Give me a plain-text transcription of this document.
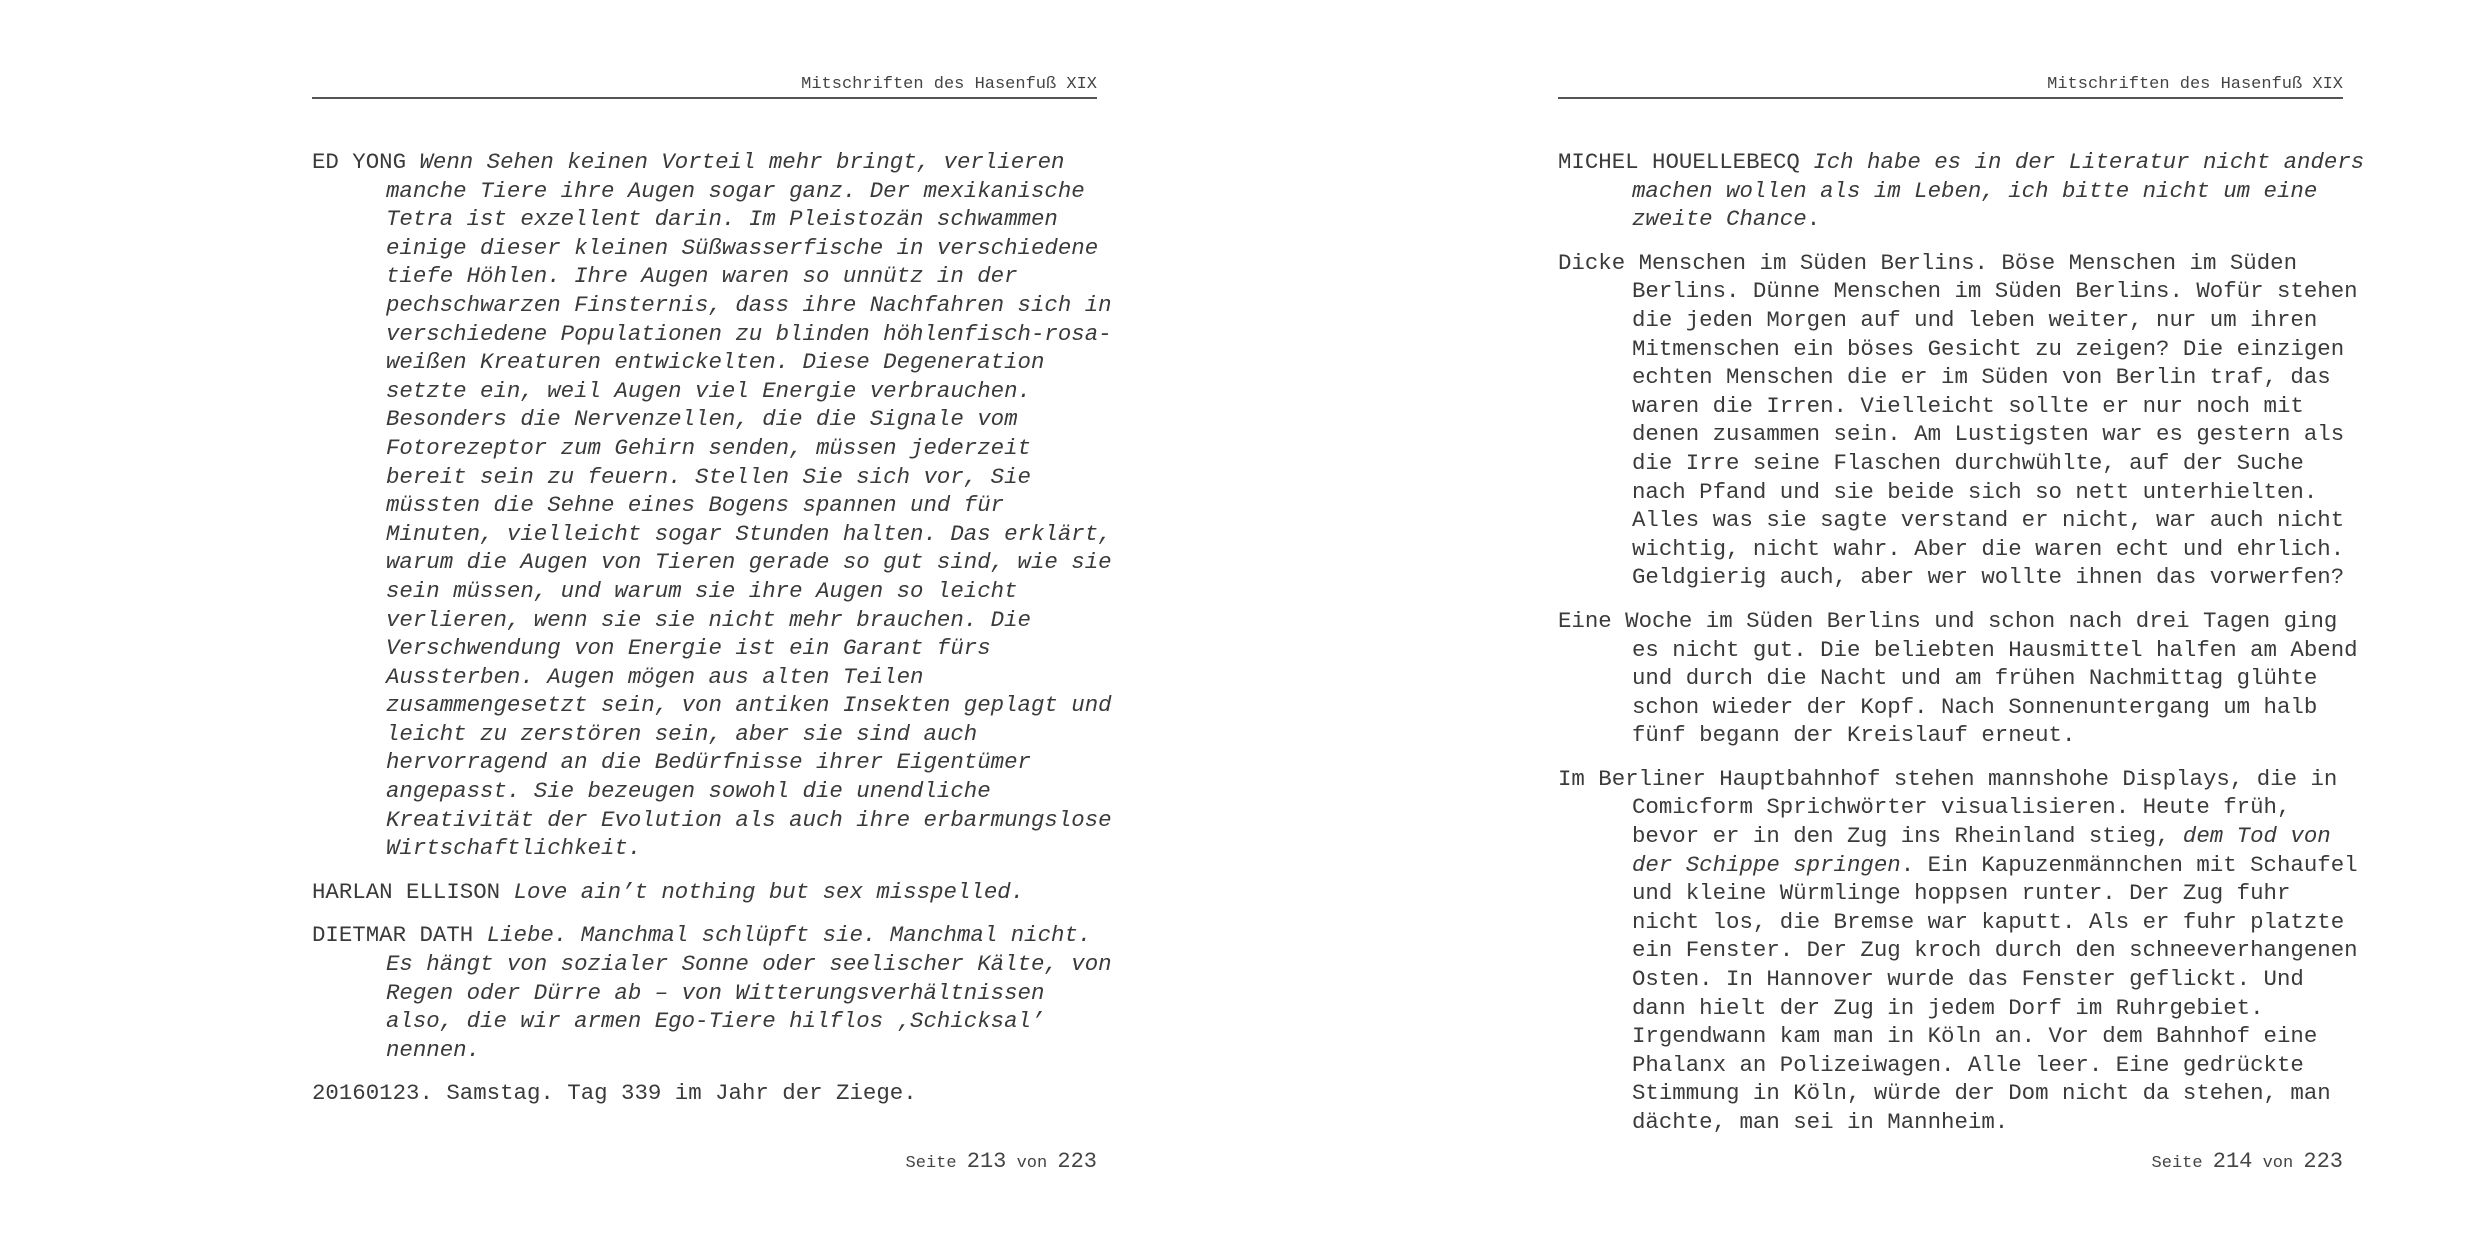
Mitschriften des Hasenfuß XIX

ED YONG Wenn Sehen keinen Vorteil mehr bringt, verlieren
manche Tiere ihre Augen sogar ganz. Der mexikanische
Tetra ist exzellent darin. Im Pleistozän schwammen
einige dieser kleinen Süßwasserfische in verschiedene
tiefe Höhlen. Ihre Augen waren so unnütz in der
pechschwarzen Finsternis, dass ihre Nachfahren sich in
verschiedene Populationen zu blinden höhlenfisch-rosa-
weißen Kreaturen entwickelten. Diese Degeneration
setzte ein, weil Augen viel Energie verbrauchen.
Besonders die Nervenzellen, die die Signale vom
Fotorezeptor zum Gehirn senden, müssen jederzeit
bereit sein zu feuern. Stellen Sie sich vor, Sie
müssten die Sehne eines Bogens spannen und für
Minuten, vielleicht sogar Stunden halten. Das erklärt,
warum die Augen von Tieren gerade so gut sind, wie sie
sein müssen, und warum sie ihre Augen so leicht
verlieren, wenn sie sie nicht mehr brauchen. Die
Verschwendung von Energie ist ein Garant fürs
Aussterben. Augen mögen aus alten Teilen
zusammengesetzt sein, von antiken Insekten geplagt und
leicht zu zerstören sein, aber sie sind auch
hervorragend an die Bedürfnisse ihrer Eigentümer
angepasst. Sie bezeugen sowohl die unendliche
Kreativität der Evolution als auch ihre erbarmungslose
Wirtschaftlichkeit.

HARLAN ELLISON Love ain’t nothing but sex misspelled.

DIETMAR DATH Liebe. Manchmal schlüpft sie. Manchmal nicht.
Es hängt von sozialer Sonne oder seelischer Kälte, von
Regen oder Dürre ab – von Witterungsverhältnissen
also, die wir armen Ego-Tiere hilflos ‚Schicksal’
nennen.

20160123. Samstag. Tag 339 im Jahr der Ziege.

Seite 213 von 223
Mitschriften des Hasenfuß XIX

MICHEL HOUELLEBECQ Ich habe es in der Literatur nicht anders
machen wollen als im Leben, ich bitte nicht um eine
zweite Chance.

Dicke Menschen im Süden Berlins. Böse Menschen im Süden
Berlins. Dünne Menschen im Süden Berlins. Wofür stehen
die jeden Morgen auf und leben weiter, nur um ihren
Mitmenschen ein böses Gesicht zu zeigen? Die einzigen
echten Menschen die er im Süden von Berlin traf, das
waren die Irren. Vielleicht sollte er nur noch mit
denen zusammen sein. Am Lustigsten war es gestern als
die Irre seine Flaschen durchwühlte, auf der Suche
nach Pfand und sie beide sich so nett unterhielten.
Alles was sie sagte verstand er nicht, war auch nicht
wichtig, nicht wahr. Aber die waren echt und ehrlich.
Geldgierig auch, aber wer wollte ihnen das vorwerfen?

Eine Woche im Süden Berlins und schon nach drei Tagen ging
es nicht gut. Die beliebten Hausmittel halfen am Abend
und durch die Nacht und am frühen Nachmittag glühte
schon wieder der Kopf. Nach Sonnenuntergang um halb
fünf begann der Kreislauf erneut.

Im Berliner Hauptbahnhof stehen mannshohe Displays, die in
Comicform Sprichwörter visualisieren. Heute früh,
bevor er in den Zug ins Rheinland stieg, dem Tod von
der Schippe springen. Ein Kapuzenmännchen mit Schaufel
und kleine Würmlinge hoppsen runter. Der Zug fuhr
nicht los, die Bremse war kaputt. Als er fuhr platzte
ein Fenster. Der Zug kroch durch den schneeverhangenen
Osten. In Hannover wurde das Fenster geflickt. Und
dann hielt der Zug in jedem Dorf im Ruhrgebiet.
Irgendwann kam man in Köln an. Vor dem Bahnhof eine
Phalanx an Polizeiwagen. Alle leer. Eine gedrückte
Stimmung in Köln, würde der Dom nicht da stehen, man
dächte, man sei in Mannheim.

Seite 214 von 223
